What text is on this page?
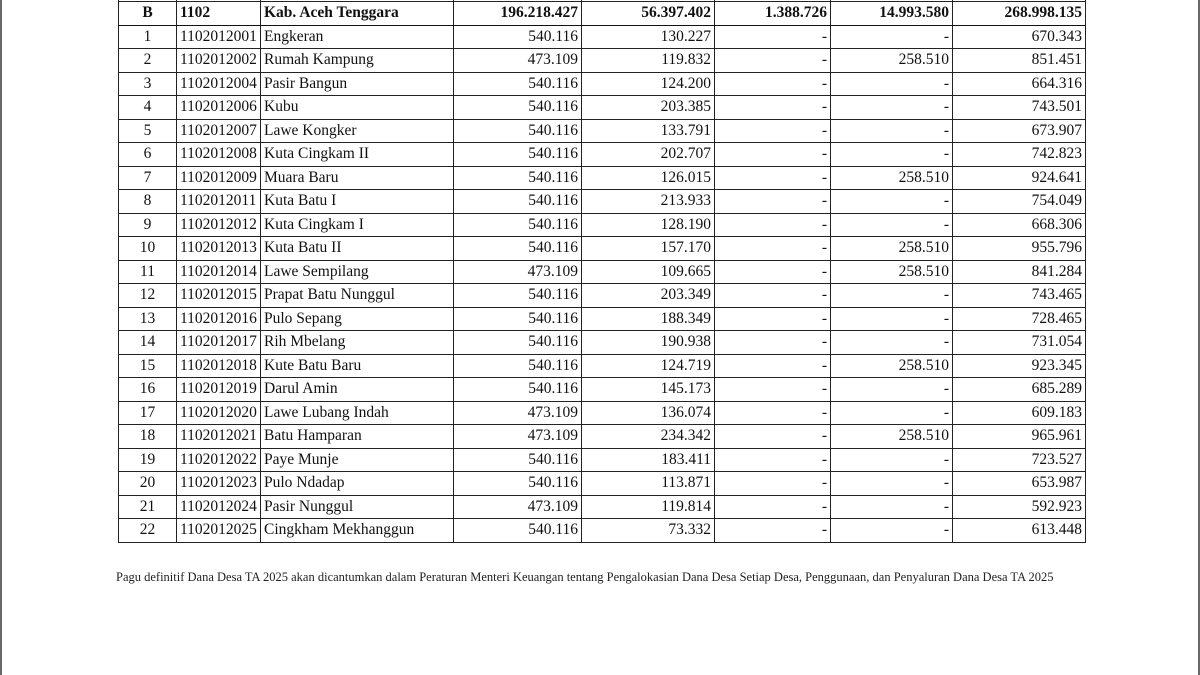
B	1102	Kab. Aceh Tenggara	196.218.427	56.397.402	1.388.726	14.993.580	268.998.135
1	1102012001	Engkeran	540.116	130.227	-	-	670.343
2	1102012002	Rumah Kampung	473.109	119.832	-	258.510	851.451
3	1102012004	Pasir Bangun	540.116	124.200	-	-	664.316
4	1102012006	Kubu	540.116	203.385	-	-	743.501
5	1102012007	Lawe Kongker	540.116	133.791	-	-	673.907
6	1102012008	Kuta Cingkam II	540.116	202.707	-	-	742.823
7	1102012009	Muara Baru	540.116	126.015	-	258.510	924.641
8	1102012011	Kuta Batu I	540.116	213.933	-	-	754.049
9	1102012012	Kuta Cingkam I	540.116	128.190	-	-	668.306
10	1102012013	Kuta Batu II	540.116	157.170	-	258.510	955.796
11	1102012014	Lawe Sempilang	473.109	109.665	-	258.510	841.284
12	1102012015	Prapat Batu Nunggul	540.116	203.349	-	-	743.465
13	1102012016	Pulo Sepang	540.116	188.349	-	-	728.465
14	1102012017	Rih Mbelang	540.116	190.938	-	-	731.054
15	1102012018	Kute Batu Baru	540.116	124.719	-	258.510	923.345
16	1102012019	Darul Amin	540.116	145.173	-	-	685.289
17	1102012020	Lawe Lubang Indah	473.109	136.074	-	-	609.183
18	1102012021	Batu Hamparan	473.109	234.342	-	258.510	965.961
19	1102012022	Paye Munje	540.116	183.411	-	-	723.527
20	1102012023	Pulo Ndadap	540.116	113.871	-	-	653.987
21	1102012024	Pasir Nunggul	473.109	119.814	-	-	592.923
22	1102012025	Cingkham Mekhanggun	540.116	73.332	-	-	613.448
Pagu definitif Dana Desa TA 2025 akan dicantumkan dalam Peraturan Menteri Keuangan tentang Pengalokasian Dana Desa Setiap Desa, Penggunaan, dan Penyaluran Dana Desa TA 2025
